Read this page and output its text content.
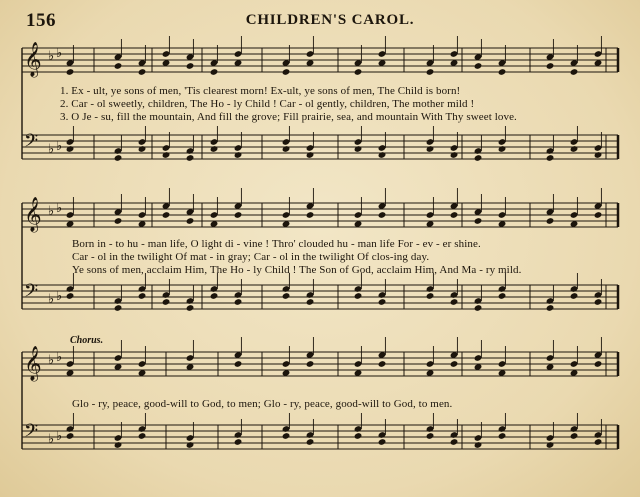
156	CHILDREN'S CAROL.
𝄞 ♭ ♭
𝄢 ♭ ♭
𝄞 ♭ ♭
𝄢 ♭ ♭
𝄞 ♭ ♭
𝄢 ♭ ♭
1. Ex - ult, ye sons of men, 'Tis clearest morn! Ex-ult, ye sons of men, The Child is born!
2. Car - ol sweetly, children, The Ho - ly Child ! Car - ol gently, children, The mother mild !
3. O Je - su, fill the mountain, And fill the grove; Fill prairie, sea, and mountain With Thy sweet love.
Born in - to hu - man life, O light di - vine ! Thro' clouded hu - man life For - ev - er shine.
Car - ol in the twilight Of mat - in gray; Car - ol in the twilight Of clos-ing day.
Ye sons of men, acclaim Him, The Ho - ly Child ! The Son of God, acclaim Him, And Ma - ry mild.
Chorus.
Glo - ry, peace, good-will to God, to men; Glo - ry, peace, good-will to God, to men.
